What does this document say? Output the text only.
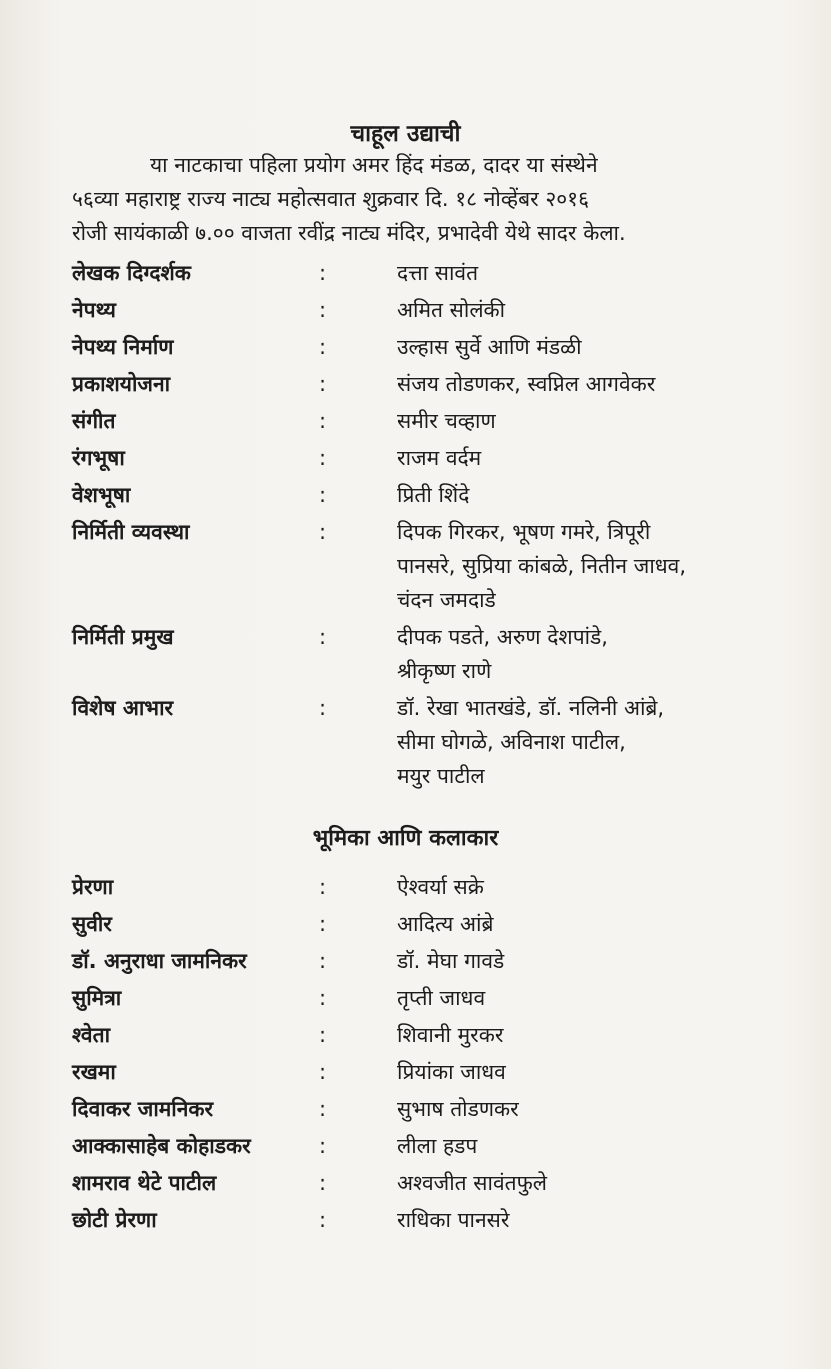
चाहूल उद्याची
या नाटकाचा पहिला प्रयोग अमर हिंद मंडळ, दादर या संस्थेने
५६व्या महाराष्ट्र राज्य नाट्य महोत्सवात शुक्रवार दि. १८ नोव्हेंबर २०१६
रोजी सायंकाळी ७.०० वाजता रवींद्र नाट्य मंदिर, प्रभादेवी येथे सादर केला.
लेखक दिग्दर्शक	:	दत्ता सावंत
नेपथ्य	:	अमित सोलंकी
नेपथ्य निर्माण	:	उल्हास सुर्वे आणि मंडळी
प्रकाशयोजना	:	संजय तोडणकर, स्वप्निल आगवेकर
संगीत	:	समीर चव्हाण
रंगभूषा	:	राजम वर्दम
वेशभूषा	:	प्रिती शिंदे
निर्मिती व्यवस्था	:	दिपक गिरकर, भूषण गमरे, त्रिपूरी
पानसरे, सुप्रिया कांबळे, नितीन जाधव,
चंदन जमदाडे
निर्मिती प्रमुख	:	दीपक पडते, अरुण देशपांडे,
श्रीकृष्ण राणे
विशेष आभार	:	डॉ. रेखा भातखंडे, डॉ. नलिनी आंब्रे,
सीमा घोगळे, अविनाश पाटील,
मयुर पाटील
भूमिका आणि कलाकार
प्रेरणा	:	ऐश्वर्या सक्रे
सुवीर	:	आदित्य आंब्रे
डॉ. अनुराधा जामनिकर	:	डॉ. मेघा गावडे
सुमित्रा	:	तृप्ती जाधव
श्वेता	:	शिवानी मुरकर
रखमा	:	प्रियांका जाधव
दिवाकर जामनिकर	:	सुभाष तोडणकर
आक्कासाहेब कोहाडकर	:	लीला हडप
शामराव थेटे पाटील	:	अश्वजीत सावंतफुले
छोटी प्रेरणा	:	राधिका पानसरे
